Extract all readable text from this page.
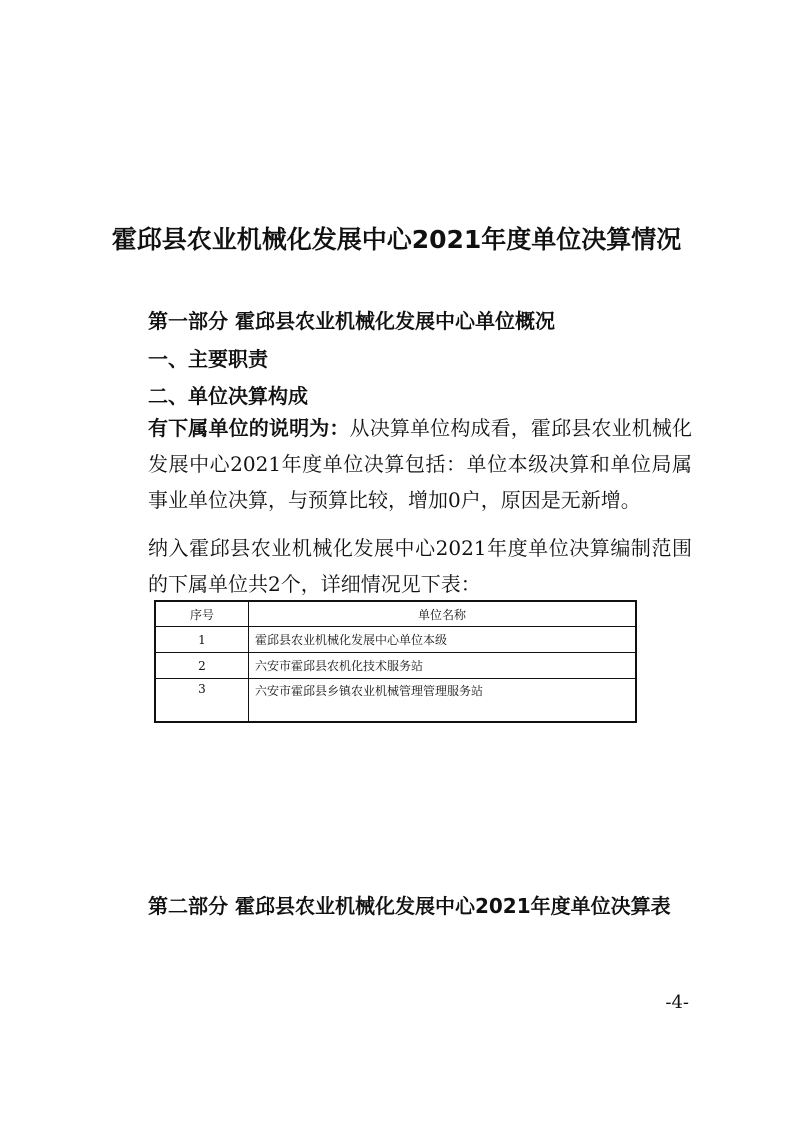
霍邱县农业机械化发展中心2021年度单位决算情况
第一部分 霍邱县农业机械化发展中心单位概况
一、主要职责
二、单位决算构成
有下属单位的说明为：从决算单位构成看，霍邱县农业机械化发展中心2021年度单位决算包括：单位本级决算和单位局属事业单位决算，与预算比较，增加0户，原因是无新增。
纳入霍邱县农业机械化发展中心2021年度单位决算编制范围的下属单位共2个，详细情况见下表：
序号	单位名称
1	霍邱县农业机械化发展中心单位本级
2	六安市霍邱县农机化技术服务站
3	六安市霍邱县乡镇农业机械管理管理服务站
第二部分 霍邱县农业机械化发展中心2021年度单位决算表
-4-
